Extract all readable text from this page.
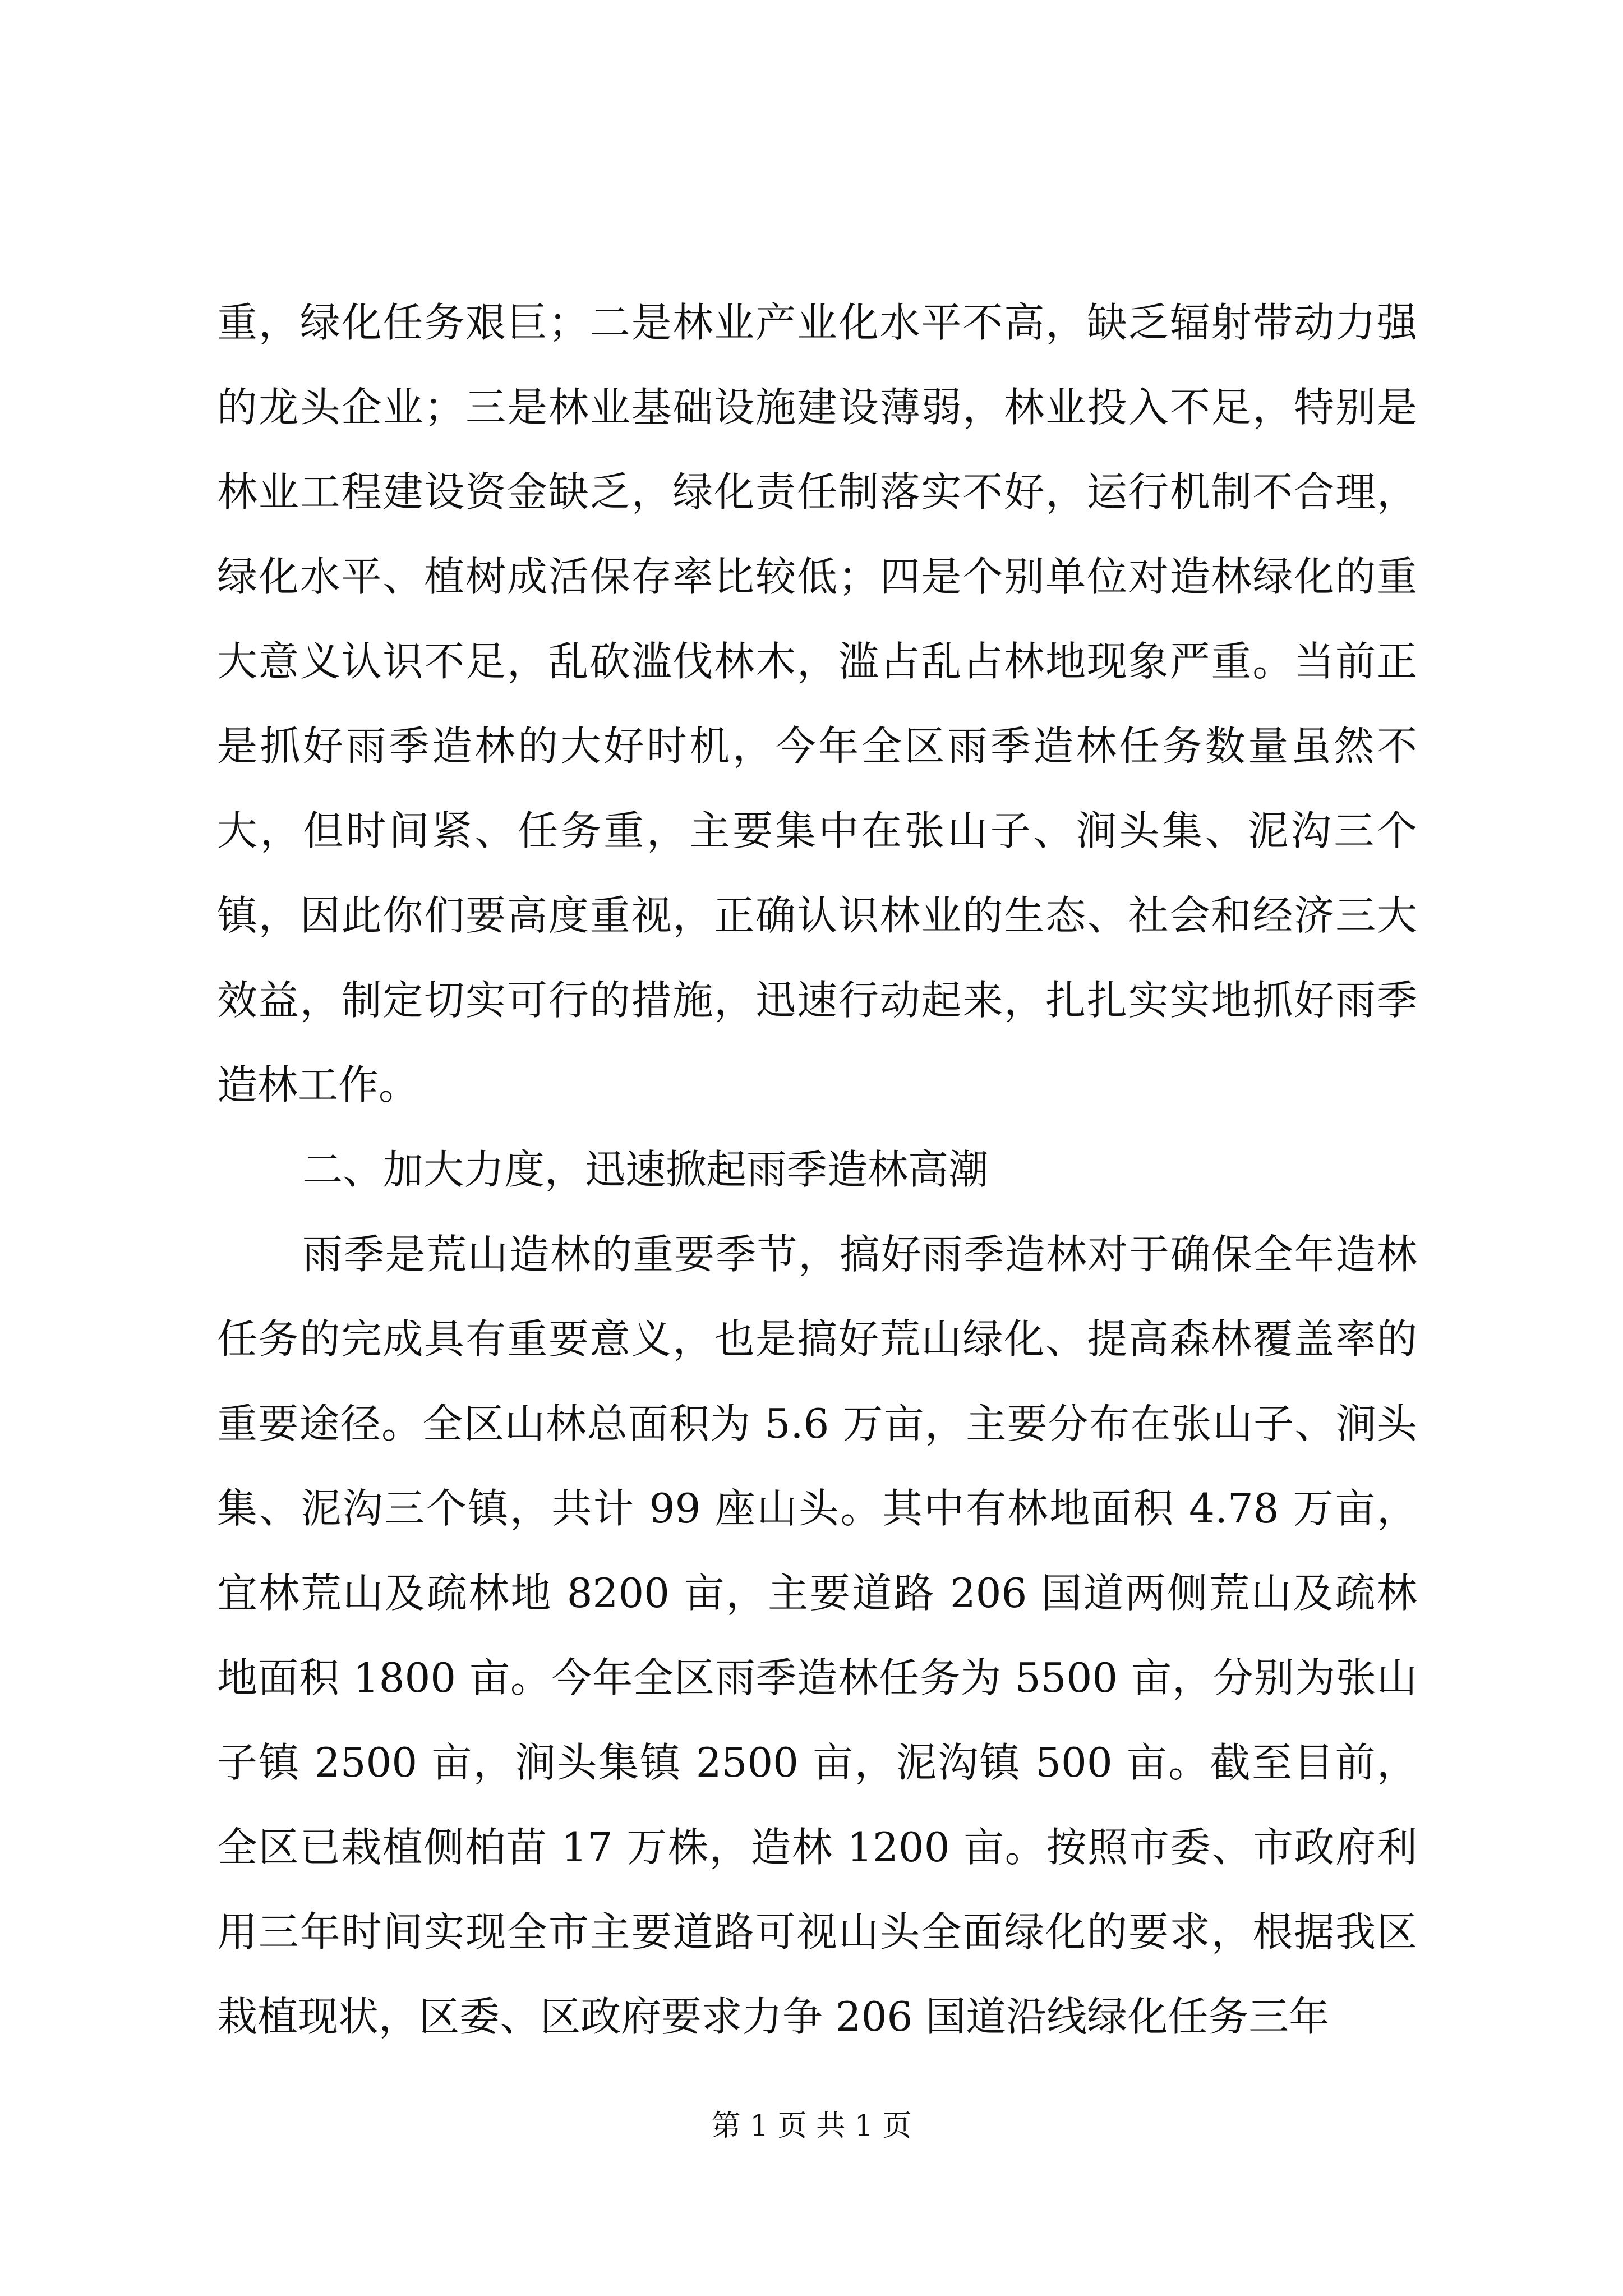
重，绿化任务艰巨；二是林业产业化水平不高，缺乏辐射带动力强的龙头企业；三是林业基础设施建设薄弱，林业投入不足，特别是林业工程建设资金缺乏，绿化责任制落实不好，运行机制不合理，绿化水平、植树成活保存率比较低；四是个别单位对造林绿化的重大意义认识不足，乱砍滥伐林木，滥占乱占林地现象严重。当前正是抓好雨季造林的大好时机，今年全区雨季造林任务数量虽然不大，但时间紧、任务重，主要集中在张山子、涧头集、泥沟三个镇，因此你们要高度重视，正确认识林业的生态、社会和经济三大效益，制定切实可行的措施，迅速行动起来，扎扎实实地抓好雨季造林工作。

二、加大力度，迅速掀起雨季造林高潮

雨季是荒山造林的重要季节，搞好雨季造林对于确保全年造林任务的完成具有重要意义，也是搞好荒山绿化、提高森林覆盖率的重要途径。全区山林总面积为 5.6 万亩，主要分布在张山子、涧头集、泥沟三个镇，共计 99 座山头。其中有林地面积 4.78 万亩，宜林荒山及疏林地 8200 亩，主要道路 206 国道两侧荒山及疏林地面积 1800 亩。今年全区雨季造林任务为 5500 亩，分别为张山子镇 2500 亩，涧头集镇 2500 亩，泥沟镇 500 亩。截至目前，全区已栽植侧柏苗 17 万株，造林 1200 亩。按照市委、市政府利用三年时间实现全市主要道路可视山头全面绿化的要求，根据我区栽植现状，区委、区政府要求力争 206 国道沿线绿化任务三年

第 1 页 共 1 页
